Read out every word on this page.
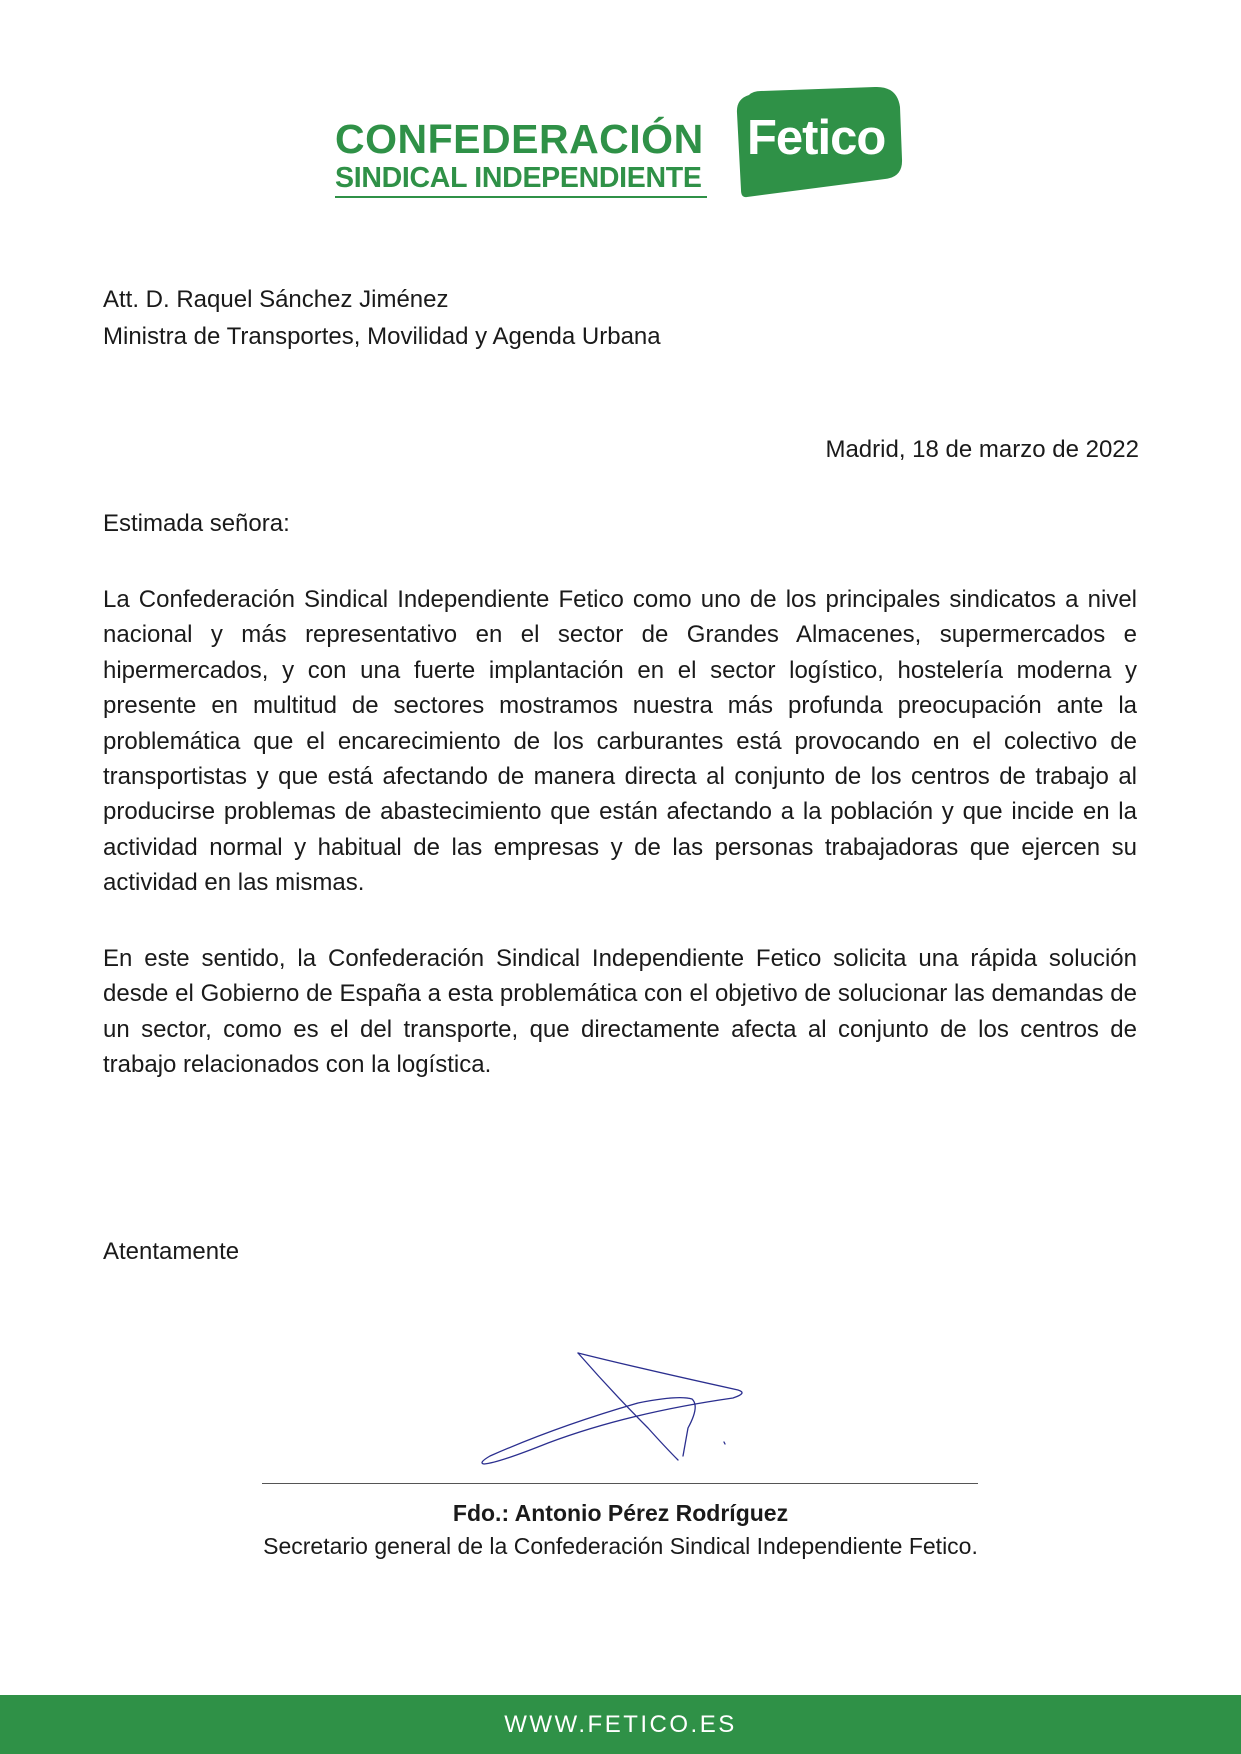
CONFEDERACIÓN
SINDICAL INDEPENDIENTE
Fetico
Att. D. Raquel Sánchez Jiménez
Ministra de Transportes, Movilidad y Agenda Urbana
Madrid, 18 de marzo de 2022
Estimada señora:
La Confederación Sindical Independiente Fetico como uno de los principales sindicatos a nivel nacional y más representativo en el sector de Grandes Almacenes, supermercados e hipermercados, y con una fuerte implantación en el sector logístico, hostelería moderna y presente en multitud de sectores mostramos nuestra más profunda preocupación ante la problemática que el encarecimiento de los carburantes está provocando en el colectivo de transportistas y que está afectando de manera directa al conjunto de los centros de trabajo al producirse problemas de abastecimiento que están afectando a la población y que incide en la actividad normal y habitual de las empresas y de las personas trabajadoras que ejercen su actividad en las mismas.
En este sentido, la Confederación Sindical Independiente Fetico solicita una rápida solución desde el Gobierno de España a esta problemática con el objetivo de solucionar las demandas de un sector, como es el del transporte, que directamente afecta al conjunto de los centros de trabajo relacionados con la logística.
Atentamente
Fdo.: Antonio Pérez Rodríguez
Secretario general de la Confederación Sindical Independiente Fetico.
WWW.FETICO.ES
